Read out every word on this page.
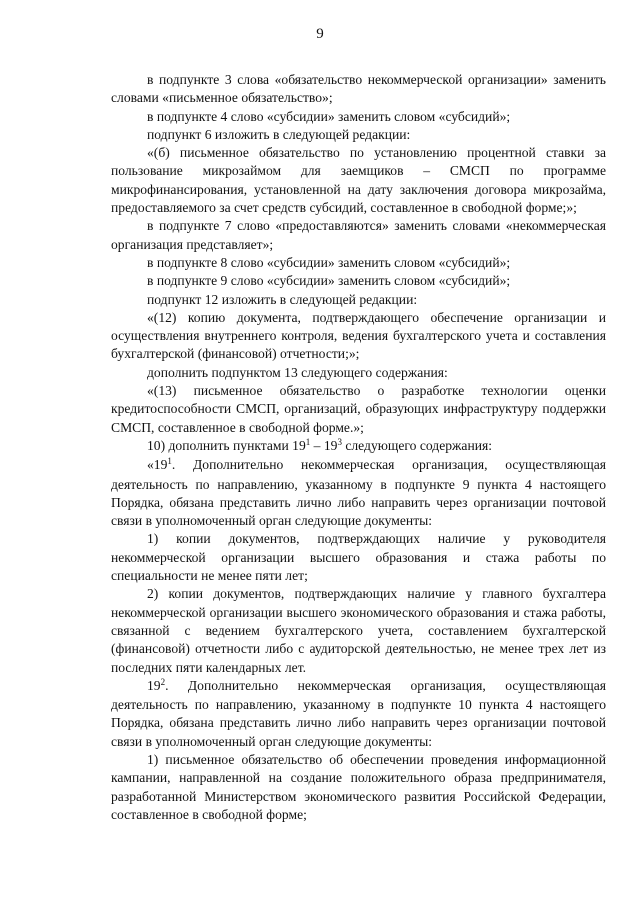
9

в подпункте 3 слова «обязательство некоммерческой организации» заменить словами «письменное обязательство»;

в подпункте 4 слово «субсидии» заменить словом «субсидий»;

подпункт 6 изложить в следующей редакции:

«(б) письменное обязательство по установлению процентной ставки за пользование микрозаймом для заемщиков – СМСП по программе микрофинансирования, установленной на дату заключения договора микрозайма, предоставляемого за счет средств субсидий, составленное в свободной форме;»;

в подпункте 7 слово «предоставляются» заменить словами «некоммерческая организация представляет»;

в подпункте 8 слово «субсидии» заменить словом «субсидий»;

в подпункте 9 слово «субсидии» заменить словом «субсидий»;

подпункт 12 изложить в следующей редакции:

«(12) копию документа, подтверждающего обеспечение организации и осуществления внутреннего контроля, ведения бухгалтерского учета и составления бухгалтерской (финансовой) отчетности;»;

дополнить подпунктом 13 следующего содержания:

«(13) письменное обязательство о разработке технологии оценки кредитоспособности СМСП, организаций, образующих инфраструктуру поддержки СМСП, составленное в свободной форме.»;

10) дополнить пунктами 19$^1$ – 19$^3$ следующего содержания:

«19$^1$. Дополнительно некоммерческая организация, осуществляющая деятельность по направлению, указанному в подпункте 9 пункта 4 настоящего Порядка, обязана представить лично либо направить через организации почтовой связи в уполномоченный орган следующие документы:

1) копии документов, подтверждающих наличие у руководителя некоммерческой организации высшего образования и стажа работы по специальности не менее пяти лет;

2) копии документов, подтверждающих наличие у главного бухгалтера некоммерческой организации высшего экономического образования и стажа работы, связанной с ведением бухгалтерского учета, составлением бухгалтерской (финансовой) отчетности либо с аудиторской деятельностью, не менее трех лет из последних пяти календарных лет.

19$^2$. Дополнительно некоммерческая организация, осуществляющая деятельность по направлению, указанному в подпункте 10 пункта 4 настоящего Порядка, обязана представить лично либо направить через организации почтовой связи в уполномоченный орган следующие документы:

1) письменное обязательство об обеспечении проведения информационной кампании, направленной на создание положительного образа предпринимателя, разработанной Министерством экономического развития Российской Федерации, составленное в свободной форме;
